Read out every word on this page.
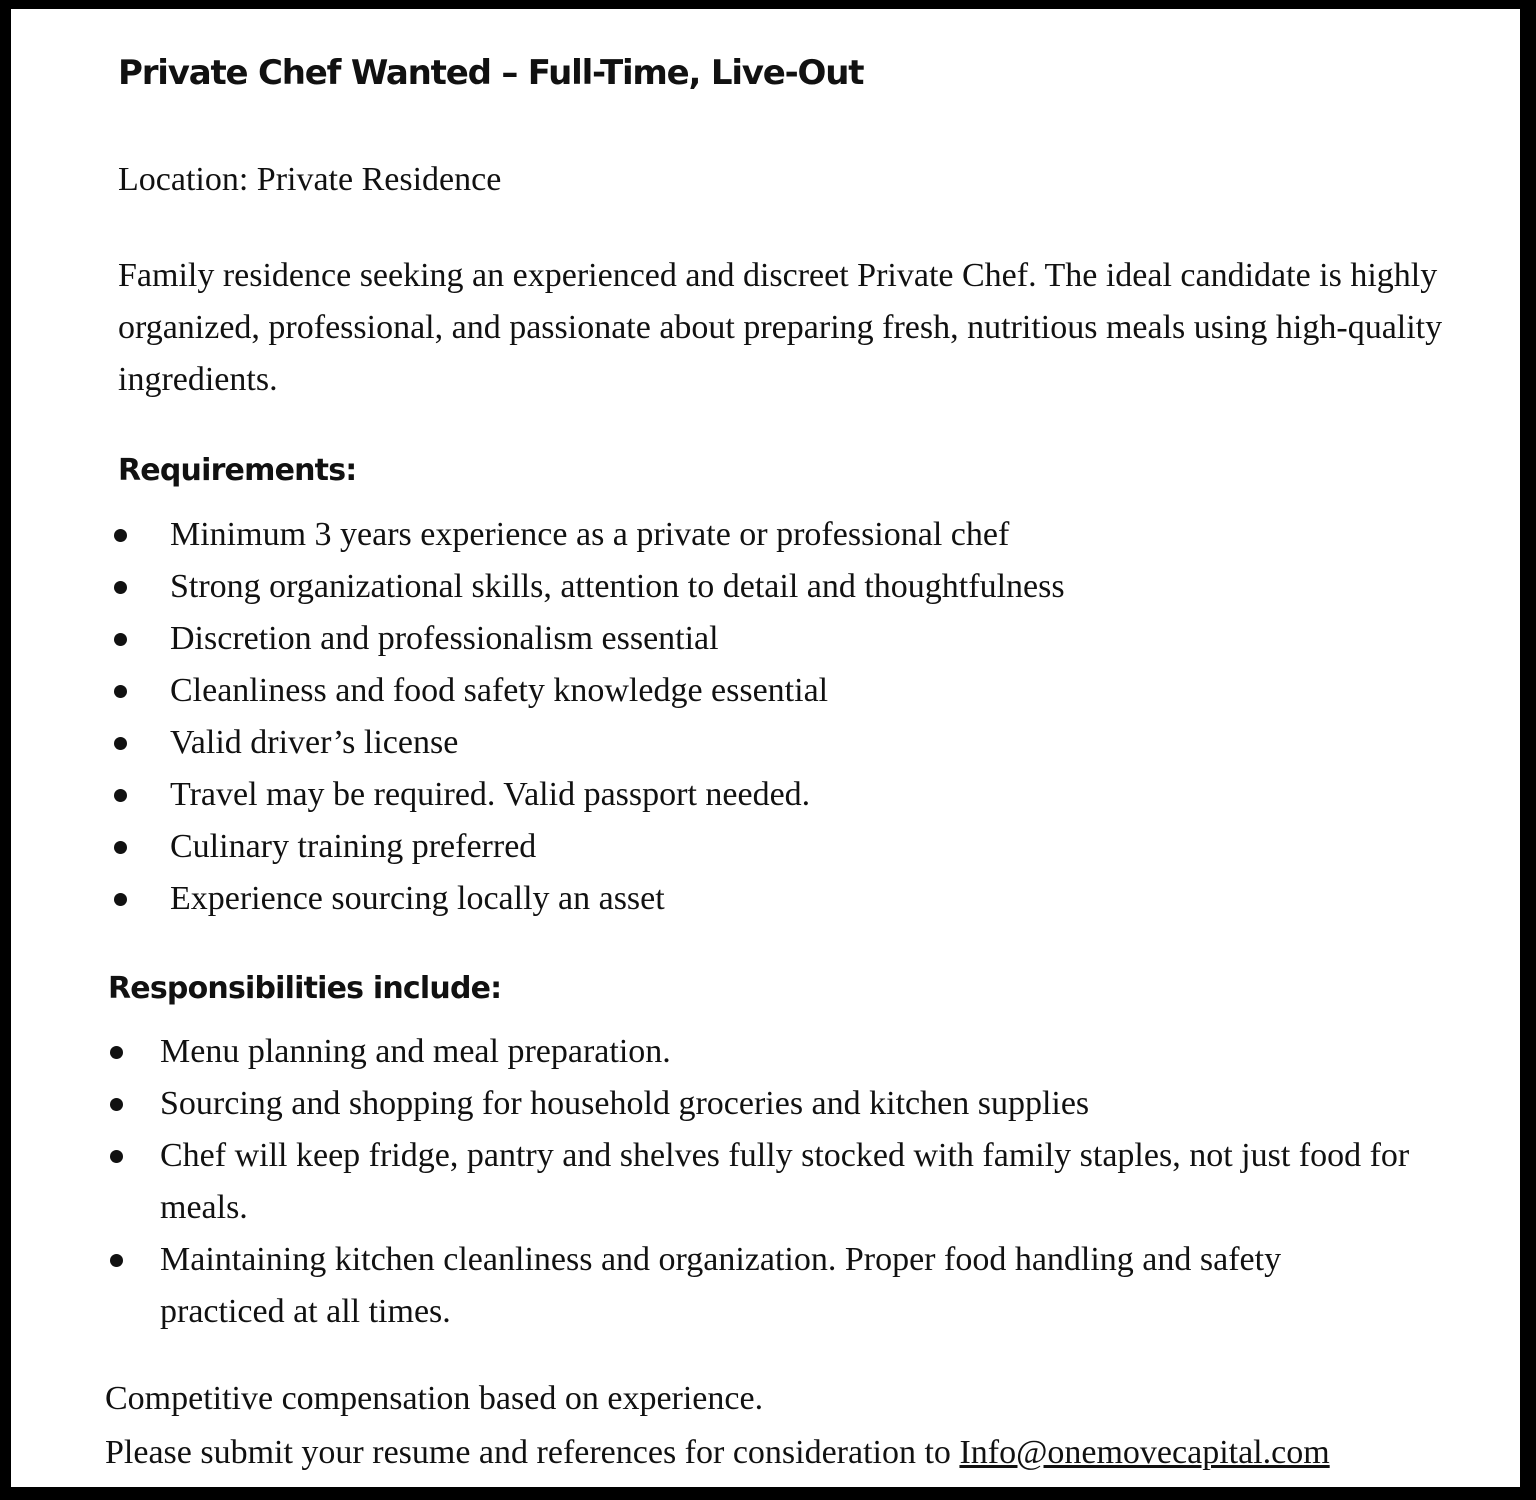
Private Chef Wanted – Full-Time, Live-Out

Location: Private Residence

Family residence seeking an experienced and discreet Private Chef. The ideal candidate is highly organized, professional, and passionate about preparing fresh, nutritious meals using high-quality ingredients.

Requirements:
Minimum 3 years experience as a private or professional chef
Strong organizational skills, attention to detail and thoughtfulness
Discretion and professionalism essential
Cleanliness and food safety knowledge essential
Valid driver’s license
Travel may be required. Valid passport needed.
Culinary training preferred
Experience sourcing locally an asset
Responsibilities include:
Menu planning and meal preparation.
Sourcing and shopping for household groceries and kitchen supplies
Chef will keep fridge, pantry and shelves fully stocked with family staples, not just food for meals.
Maintaining kitchen cleanliness and organization. Proper food handling and safety practiced at all times.

Competitive compensation based on experience.
Please submit your resume and references for consideration to Info@onemovecapital.com
